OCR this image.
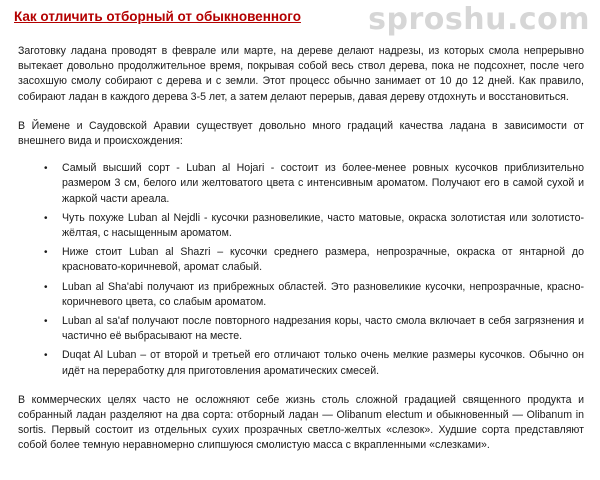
Как отличить отборный от обыкновенного sproshu.com

Заготовку ладана проводят в феврале или марте, на дереве делают надрезы, из которых смола непрерывно вытекает довольно продолжительное время, покрывая собой весь ствол дерева, пока не подсохнет, после чего засохшую смолу собирают с дерева и с земли. Этот процесс обычно занимает от 10 до 12 дней. Как правило, собирают ладан в каждого дерева 3-5 лет, а затем делают перерыв, давая дереву отдохнуть и восстановиться.

В Йемене и Саудовской Аравии существует довольно много градаций качества ладана в зависимости от внешнего вида и происхождения:

• Самый высший сорт - Luban al Hojari - состоит из более-менее ровных кусочков приблизительно размером 3 см, белого или желтоватого цвета с интенсивным ароматом. Получают его в самой сухой и жаркой части ареала.
• Чуть похуже Luban al Nejdli - кусочки разновеликие, часто матовые, окраска золотистая или золотисто-жёлтая, с насыщенным ароматом.
• Ниже стоит Luban al Shazri – кусочки среднего размера, непрозрачные, окраска от янтарной до красновато-коричневой, аромат слабый.
• Luban al Sha'abi получают из прибрежных областей. Это разновеликие кусочки, непрозрачные, красно-коричневого цвета, со слабым ароматом.
• Luban al sa'af получают после повторного надрезания коры, часто смола включает в себя загрязнения и частично её выбрасывают на месте.
• Duqat Al Luban – от второй и третьей его отличают только очень мелкие размеры кусочков. Обычно он идёт на переработку для приготовления ароматических смесей.

В коммерческих целях часто не осложняют себе жизнь столь сложной градацией священного продукта и собранный ладан разделяют на два сорта: отборный ладан — Olibanum electum и обыкновенный — Olibanum in sortis. Первый состоит из отдельных сухих прозрачных светло-желтых «слезок». Худшие сорта представляют собой более темную неравномерно слипшуюся смолистую масса с вкрапленными «слезками».
